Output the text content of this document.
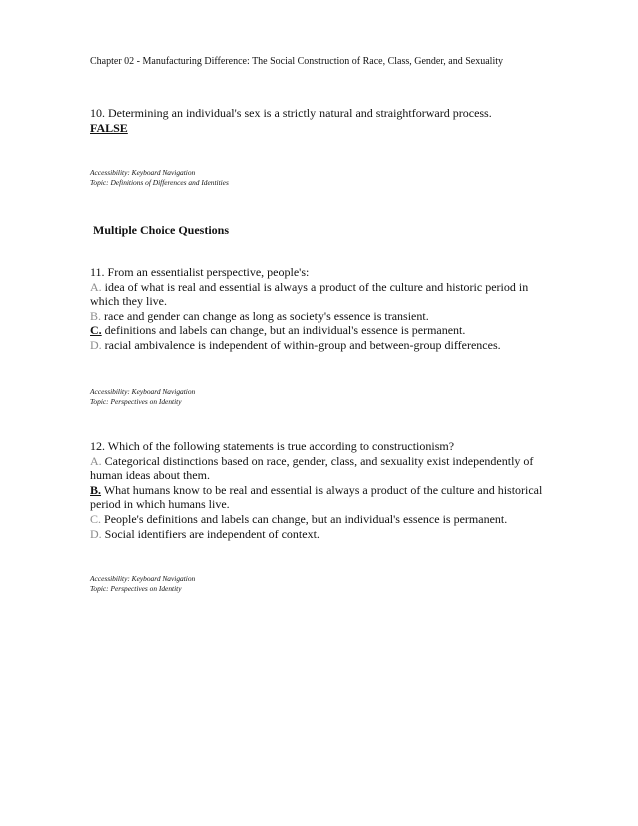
Chapter 02 - Manufacturing Difference: The Social Construction of Race, Class, Gender, and Sexuality
10. Determining an individual's sex is a strictly natural and straightforward process.
FALSE
Accessibility: Keyboard Navigation
Topic: Definitions of Differences and Identities
Multiple Choice Questions
11. From an essentialist perspective, people's:
A. idea of what is real and essential is always a product of the culture and historic period in
which they live.
B. race and gender can change as long as society's essence is transient.
C. definitions and labels can change, but an individual's essence is permanent.
D. racial ambivalence is independent of within-group and between-group differences.
Accessibility: Keyboard Navigation
Topic: Perspectives on Identity
12. Which of the following statements is true according to constructionism?
A. Categorical distinctions based on race, gender, class, and sexuality exist independently of
human ideas about them.
B. What humans know to be real and essential is always a product of the culture and historical
period in which humans live.
C. People's definitions and labels can change, but an individual's essence is permanent.
D. Social identifiers are independent of context.
Accessibility: Keyboard Navigation
Topic: Perspectives on Identity
